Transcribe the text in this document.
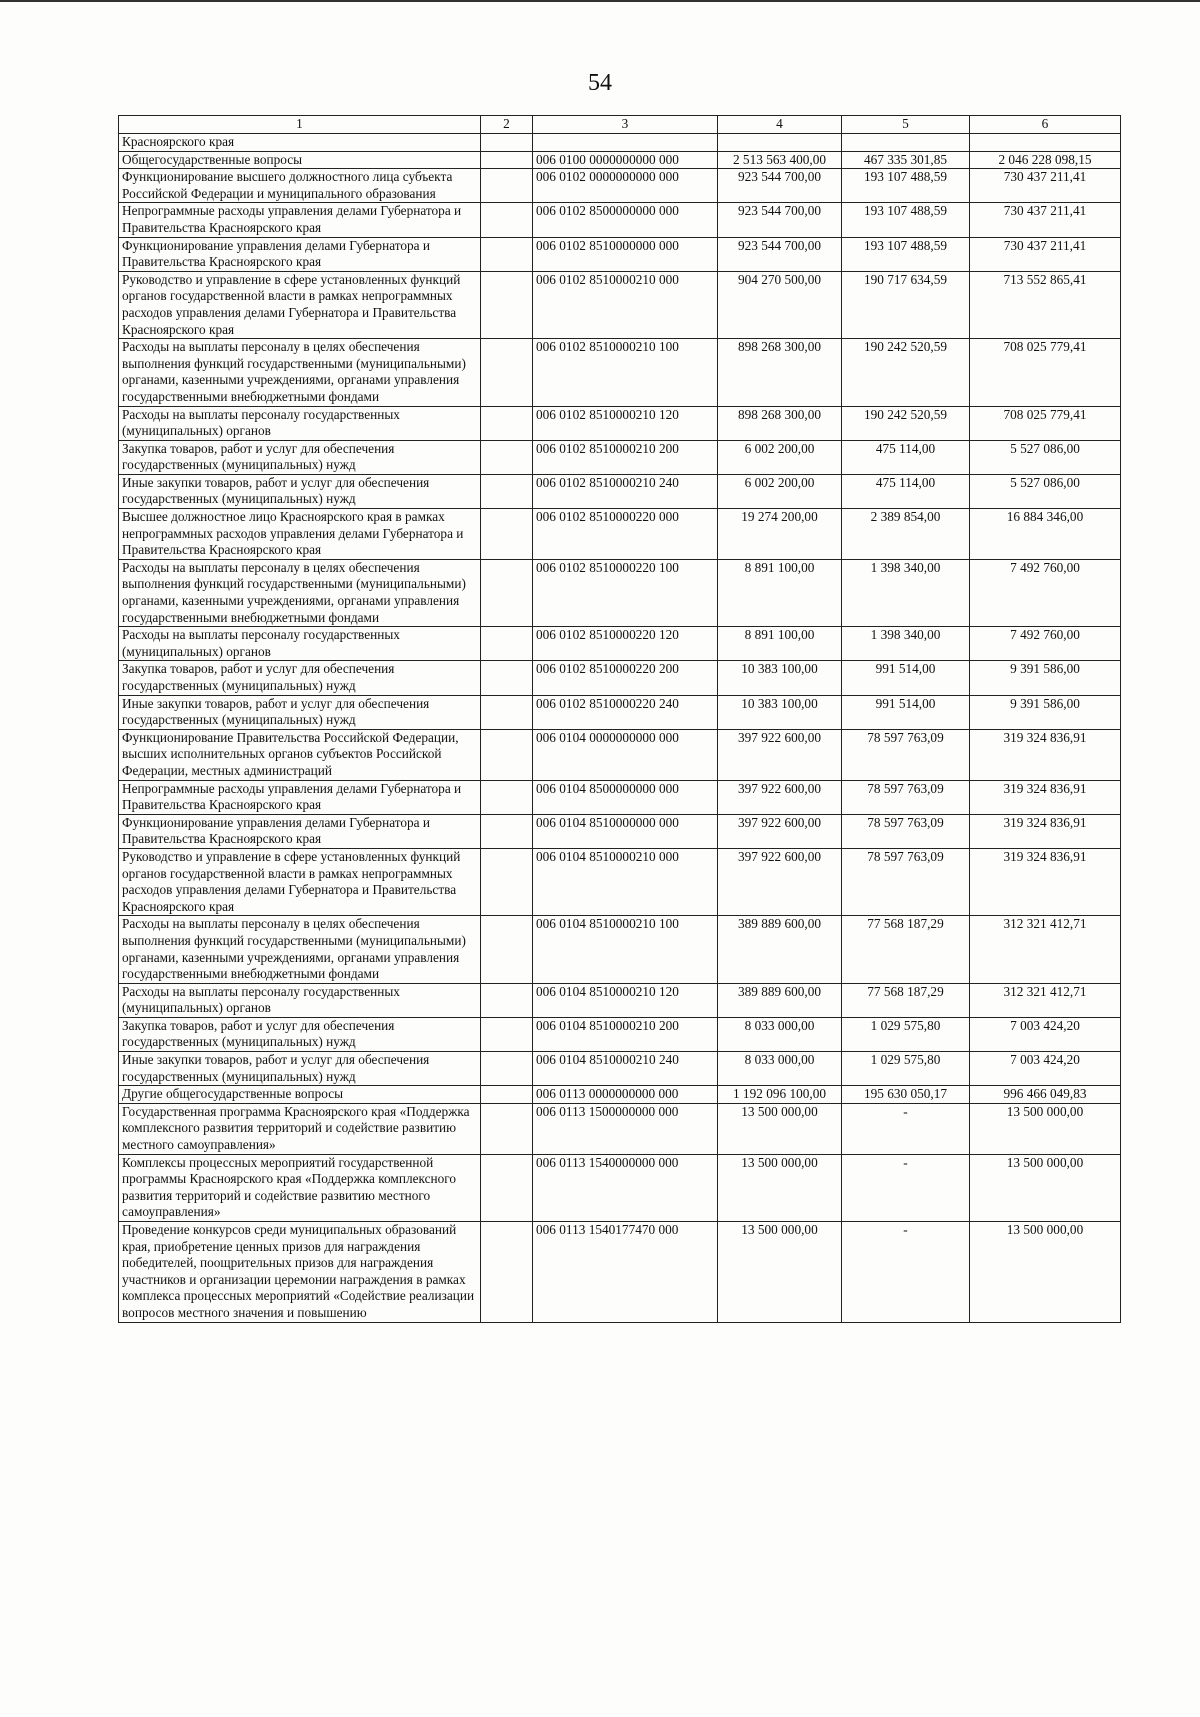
54
1	2	3	4	5	6
Красноярского края					
Общегосударственные вопросы		006 0100 0000000000 000	2 513 563 400,00	467 335 301,85	2 046 228 098,15
Функционирование высшего должностного лица субъекта Российской Федерации и муниципального образования		006 0102 0000000000 000	923 544 700,00	193 107 488,59	730 437 211,41
Непрограммные расходы управления делами Губернатора и Правительства Красноярского края		006 0102 8500000000 000	923 544 700,00	193 107 488,59	730 437 211,41
Функционирование управления делами Губернатора и Правительства Красноярского края		006 0102 8510000000 000	923 544 700,00	193 107 488,59	730 437 211,41
Руководство и управление в сфере установленных функций органов государственной власти в рамках непрограммных расходов управления делами Губернатора и Правительства Красноярского края		006 0102 8510000210 000	904 270 500,00	190 717 634,59	713 552 865,41
Расходы на выплаты персоналу в целях обеспечения выполнения функций государственными (муниципальными) органами, казенными учреждениями, органами управления государственными внебюджетными фондами		006 0102 8510000210 100	898 268 300,00	190 242 520,59	708 025 779,41
Расходы на выплаты персоналу государственных (муниципальных) органов		006 0102 8510000210 120	898 268 300,00	190 242 520,59	708 025 779,41
Закупка товаров, работ и услуг для обеспечения государственных (муниципальных) нужд		006 0102 8510000210 200	6 002 200,00	475 114,00	5 527 086,00
Иные закупки товаров, работ и услуг для обеспечения государственных (муниципальных) нужд		006 0102 8510000210 240	6 002 200,00	475 114,00	5 527 086,00
Высшее должностное лицо Красноярского края в рамках непрограммных расходов управления делами Губернатора и Правительства Красноярского края		006 0102 8510000220 000	19 274 200,00	2 389 854,00	16 884 346,00
Расходы на выплаты персоналу в целях обеспечения выполнения функций государственными (муниципальными) органами, казенными учреждениями, органами управления государственными внебюджетными фондами		006 0102 8510000220 100	8 891 100,00	1 398 340,00	7 492 760,00
Расходы на выплаты персоналу государственных (муниципальных) органов		006 0102 8510000220 120	8 891 100,00	1 398 340,00	7 492 760,00
Закупка товаров, работ и услуг для обеспечения государственных (муниципальных) нужд		006 0102 8510000220 200	10 383 100,00	991 514,00	9 391 586,00
Иные закупки товаров, работ и услуг для обеспечения государственных (муниципальных) нужд		006 0102 8510000220 240	10 383 100,00	991 514,00	9 391 586,00
Функционирование Правительства Российской Федерации, высших исполнительных органов субъектов Российской Федерации, местных администраций		006 0104 0000000000 000	397 922 600,00	78 597 763,09	319 324 836,91
Непрограммные расходы управления делами Губернатора и Правительства Красноярского края		006 0104 8500000000 000	397 922 600,00	78 597 763,09	319 324 836,91
Функционирование управления делами Губернатора и Правительства Красноярского края		006 0104 8510000000 000	397 922 600,00	78 597 763,09	319 324 836,91
Руководство и управление в сфере установленных функций органов государственной власти в рамках непрограммных расходов управления делами Губернатора и Правительства Красноярского края		006 0104 8510000210 000	397 922 600,00	78 597 763,09	319 324 836,91
Расходы на выплаты персоналу в целях обеспечения выполнения функций государственными (муниципальными) органами, казенными учреждениями, органами управления государственными внебюджетными фондами		006 0104 8510000210 100	389 889 600,00	77 568 187,29	312 321 412,71
Расходы на выплаты персоналу государственных (муниципальных) органов		006 0104 8510000210 120	389 889 600,00	77 568 187,29	312 321 412,71
Закупка товаров, работ и услуг для обеспечения государственных (муниципальных) нужд		006 0104 8510000210 200	8 033 000,00	1 029 575,80	7 003 424,20
Иные закупки товаров, работ и услуг для обеспечения государственных (муниципальных) нужд		006 0104 8510000210 240	8 033 000,00	1 029 575,80	7 003 424,20
Другие общегосударственные вопросы		006 0113 0000000000 000	1 192 096 100,00	195 630 050,17	996 466 049,83
Государственная программа Красноярского края «Поддержка комплексного развития территорий и содействие развитию местного самоуправления»		006 0113 1500000000 000	13 500 000,00	-	13 500 000,00
Комплексы процессных мероприятий государственной программы Красноярского края «Поддержка комплексного развития территорий и содействие развитию местного самоуправления»		006 0113 1540000000 000	13 500 000,00	-	13 500 000,00
Проведение конкурсов среди муниципальных образований края, приобретение ценных призов для награждения победителей, поощрительных призов для награждения участников и организации церемонии награждения в рамках комплекса процессных мероприятий «Содействие реализации вопросов местного значения и повышению		006 0113 1540177470 000	13 500 000,00	-	13 500 000,00
